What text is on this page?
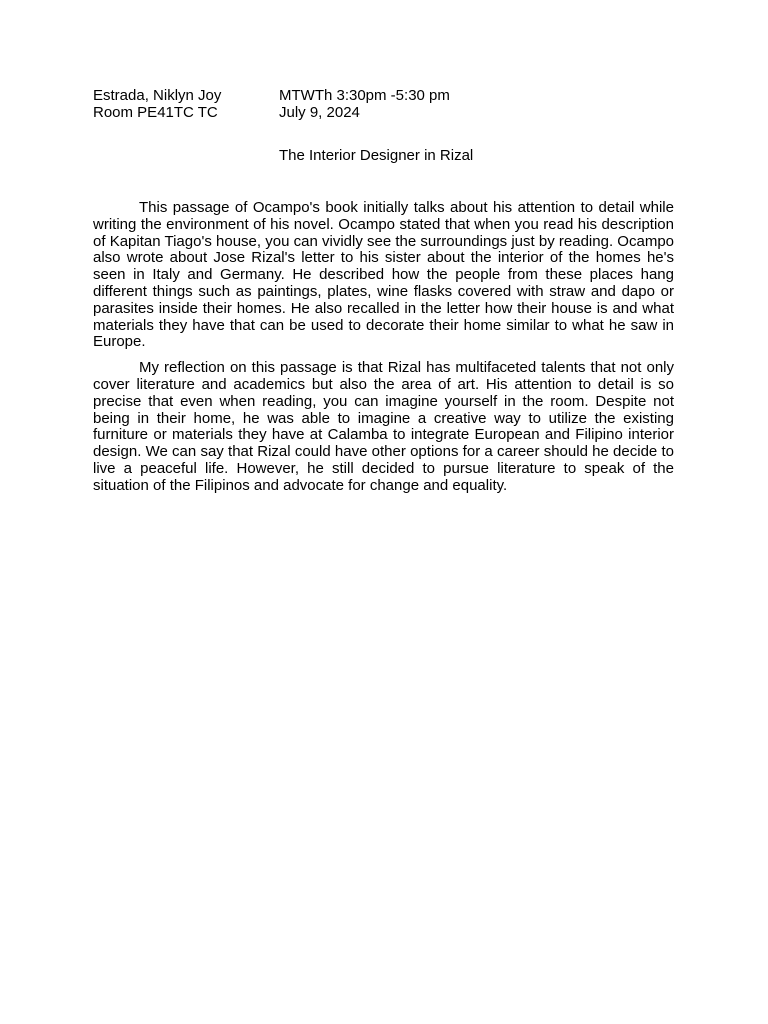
Estrada, Niklyn Joy	MTWTh 3:30pm -5:30 pm
Room PE41TC TC	July 9, 2024
The Interior Designer in Rizal

This passage of Ocampo's book initially talks about his attention to detail while writing the environment of his novel. Ocampo stated that when you read his description of Kapitan Tiago's house, you can vividly see the surroundings just by reading. Ocampo also wrote about Jose Rizal's letter to his sister about the interior of the homes he's seen in Italy and Germany. He described how the people from these places hang different things such as paintings, plates, wine flasks covered with straw and dapo or parasites inside their homes. He also recalled in the letter how their house is and what materials they have that can be used to decorate their home similar to what he saw in Europe.

My reflection on this passage is that Rizal has multifaceted talents that not only cover literature and academics but also the area of art. His attention to detail is so precise that even when reading, you can imagine yourself in the room. Despite not being in their home, he was able to imagine a creative way to utilize the existing furniture or materials they have at Calamba to integrate European and Filipino interior design. We can say that Rizal could have other options for a career should he decide to live a peaceful life. However, he still decided to pursue literature to speak of the situation of the Filipinos and advocate for change and equality.
